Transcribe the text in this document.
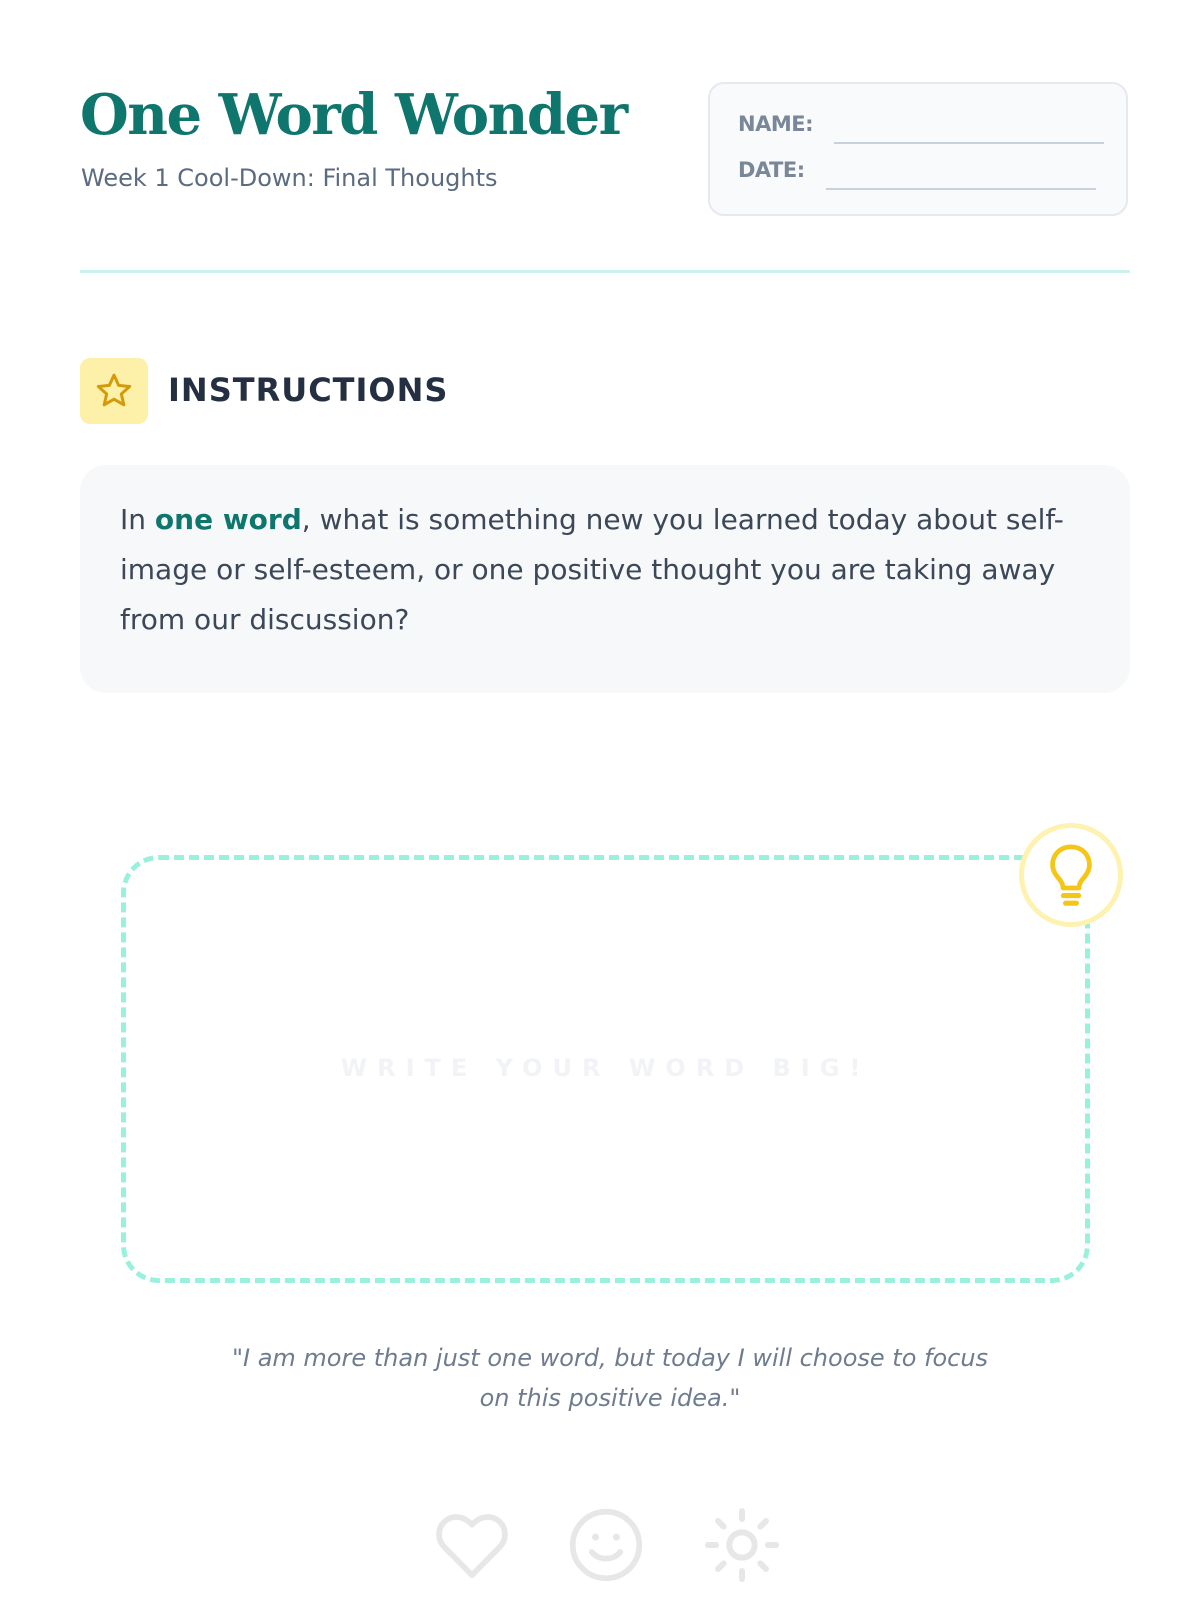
One Word Wonder
Week 1 Cool-Down: Final Thoughts
NAME:
DATE:
INSTRUCTIONS

In one word, what is something new you learned today about self-image or self-esteem, or one positive thought you are taking away from our discussion?

WRITE YOUR WORD BIG!

"I am more than just one word, but today I will choose to focus
on this positive idea."
